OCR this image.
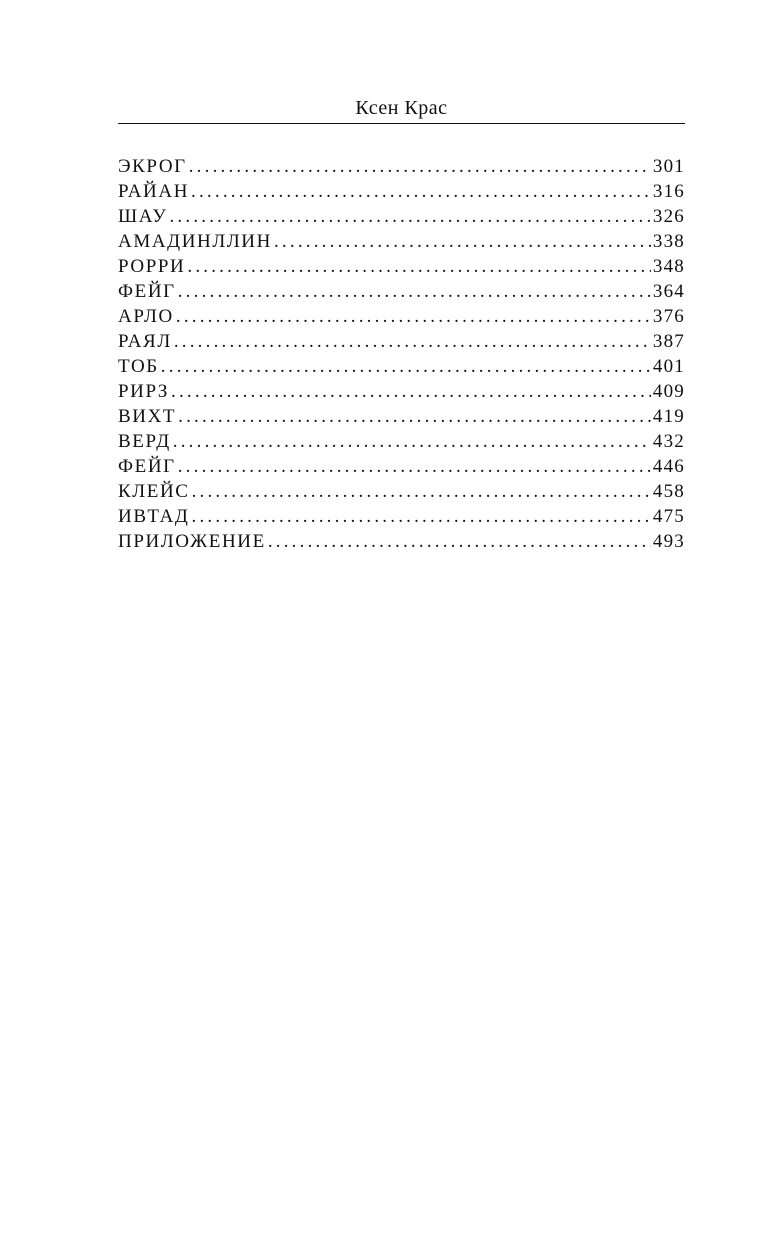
Ксен Крас
ЭКРОГ .....	301
РАЙАН .....	316
ШАУ .....	326
АМАДИНЛЛИН .....	338
РОРРИ .....	348
ФЕЙГ .....	364
АРЛО .....	376
РАЯЛ .....	387
ТОБ .....	401
РИРЗ .....	409
ВИХТ .....	419
ВЕРД .....	432
ФЕЙГ .....	446
КЛЕЙС .....	458
ИВТАД .....	475
ПРИЛОЖЕНИЕ .....	493
